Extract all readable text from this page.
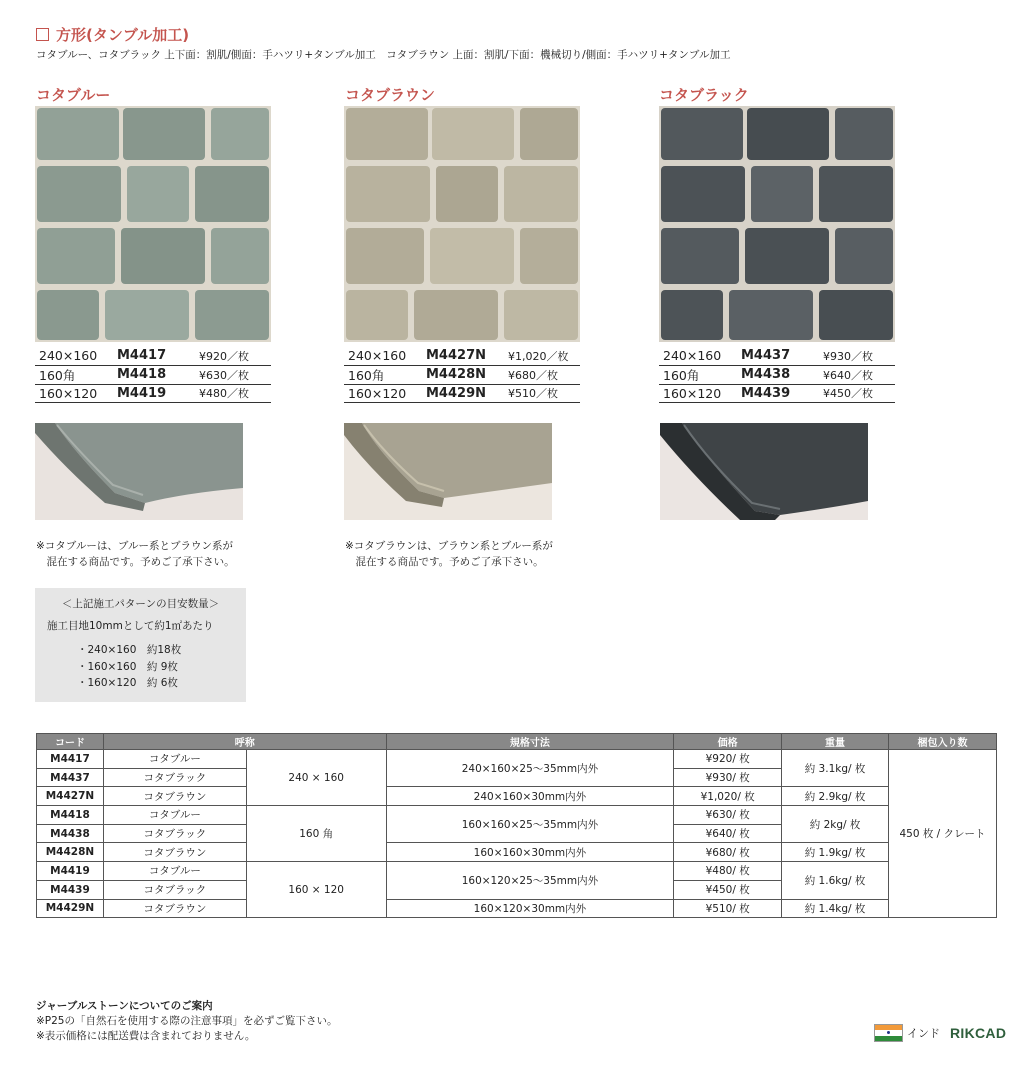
方形(タンブル加工)
コタブルー、コタブラック 上下面：割肌/側面：手ハツリ+タンブル加工　コタブラウン 上面：割肌/下面：機械切り/側面：手ハツリ+タンブル加工
コタブルー
240×160	M4417	¥920／枚
160角	M4418	¥630／枚
160×120	M4419	¥480／枚
※コタブルーは、ブルー系とブラウン系が
　混在する商品です。予めご了承下さい。
コタブラウン
240×160	M4427N	¥1,020／枚
160角	M4428N	¥680／枚
160×120	M4429N	¥510／枚
※コタブラウンは、ブラウン系とブルー系が
　混在する商品です。予めご了承下さい。
コタブラック
240×160	M4437	¥930／枚
160角	M4438	¥640／枚
160×120	M4439	¥450／枚
＜上記施工パターンの目安数量＞
施工目地10mmとして約1㎡あたり
・240×160　約18枚
・160×160　約 9枚
・160×120　約 6枚
コード	呼称		規格寸法	価格	重量	梱包入り数
M4417	コタブルー	240 × 160	240×160×25～35mm内外	¥920/ 枚	約 3.1kg/ 枚	450 枚 / クレート
M4437	コタブラック			¥930/ 枚		
M4427N	コタブラウン		240×160×30mm内外	¥1,020/ 枚	約 2.9kg/ 枚	
M4418	コタブルー	160 角	160×160×25～35mm内外	¥630/ 枚	約 2kg/ 枚	
M4438	コタブラック			¥640/ 枚		
M4428N	コタブラウン		160×160×30mm内外	¥680/ 枚	約 1.9kg/ 枚	
M4419	コタブルー	160 × 120	160×120×25～35mm内外	¥480/ 枚	約 1.6kg/ 枚	
M4439	コタブラック			¥450/ 枚		
M4429N	コタブラウン		160×120×30mm内外	¥510/ 枚	約 1.4kg/ 枚	
ジャーブルストーンについてのご案内
※P25の「自然石を使用する際の注意事項」を必ずご覧下さい。
※表示価格には配送費は含まれておりません。	インド RIKCAD
